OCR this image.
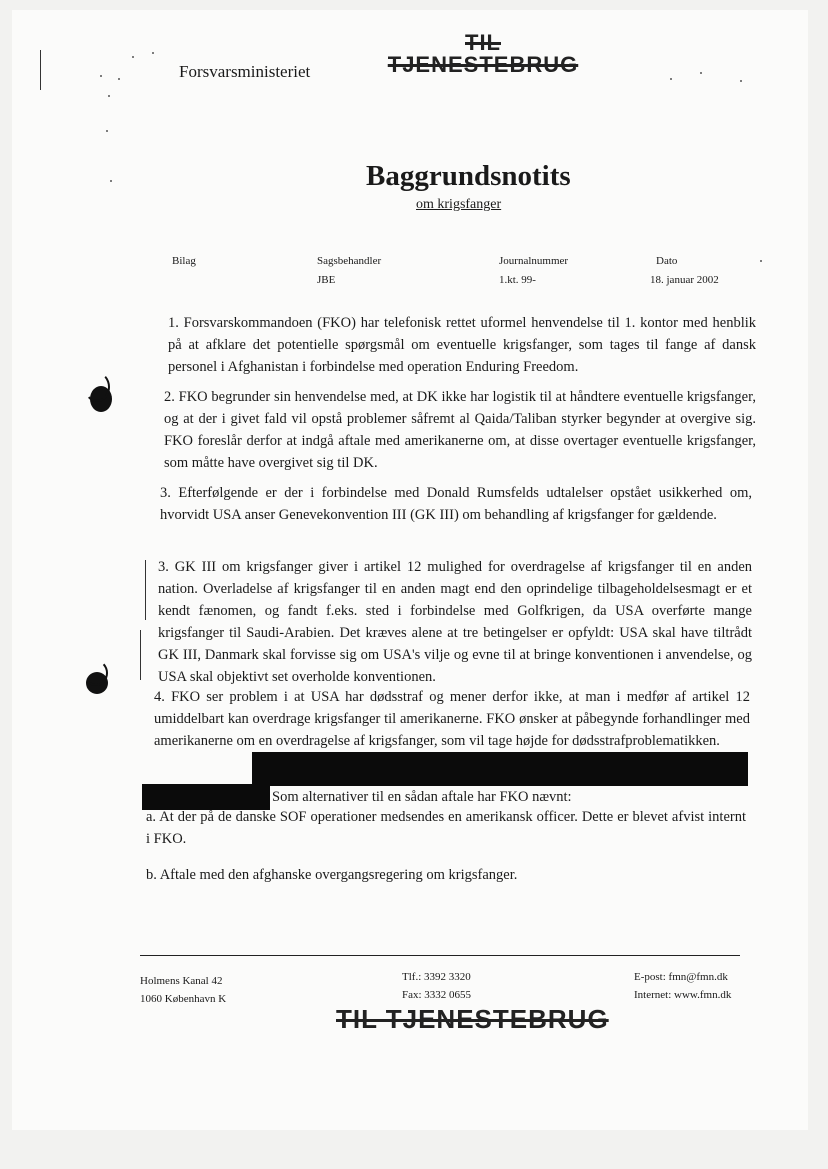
TIL TJENESTEBRUG
Forsvarsministeriet
Baggrundsnotits
om krigsfanger
Bilag	Sagsbehandler
JBE
Journalnummer
1.kt. 99-
Dato
18. januar 2002
1. Forsvarskommandoen (FKO) har telefonisk rettet uformel henvendelse til 1. kontor med henblik på at afklare det potentielle spørgsmål om eventuelle krigsfanger, som tages til fange af dansk personel i Afghanistan i forbindelse med operation Enduring Freedom.
2. FKO begrunder sin henvendelse med, at DK ikke har logistik til at håndtere eventuelle krigsfanger, og at der i givet fald vil opstå problemer såfremt al Qaida/Taliban styrker begynder at overgive sig. FKO foreslår derfor at indgå aftale med amerikanerne om, at disse overtager eventuelle krigsfanger, som måtte have overgivet sig til DK.
3. Efterfølgende er der i forbindelse med Donald Rumsfelds udtalelser opstået usikkerhed om, hvorvidt USA anser Genevekonvention III (GK III) om behandling af krigsfanger for gældende.
3. GK III om krigsfanger giver i artikel 12 mulighed for overdragelse af krigsfanger til en anden nation. Overladelse af krigsfanger til en anden magt end den oprindelige tilbageholdelsesmagt er et kendt fænomen, og fandt f.eks. sted i forbindelse med Golfkrigen, da USA overførte mange krigsfanger til Saudi-Arabien. Det kræves alene at tre betingelser er opfyldt: USA skal have tiltrådt GK III, Danmark skal forvisse sig om USA's vilje og evne til at bringe konventionen i anvendelse, og USA skal objektivt set overholde konventionen.
4. FKO ser problem i at USA har dødsstraf og mener derfor ikke, at man i medfør af artikel 12 umiddelbart kan overdrage krigsfanger til amerikanerne. FKO ønsker at påbegynde forhandlinger med amerikanerne om en overdragelse af krigsfanger, som vil tage højde for dødsstrafproblematikken.
Som alternativer til en sådan aftale har FKO nævnt:
a. At der på de danske SOF operationer medsendes en amerikansk officer. Dette er blevet afvist internt i FKO.
b. Aftale med den afghanske overgangsregering om krigsfanger.
Holmens Kanal 42
1060 København K
Tlf.: 3392 3320
Fax: 3332 0655
E-post: fmn@fmn.dk
Internet: www.fmn.dk
TIL TJENESTEBRUG
